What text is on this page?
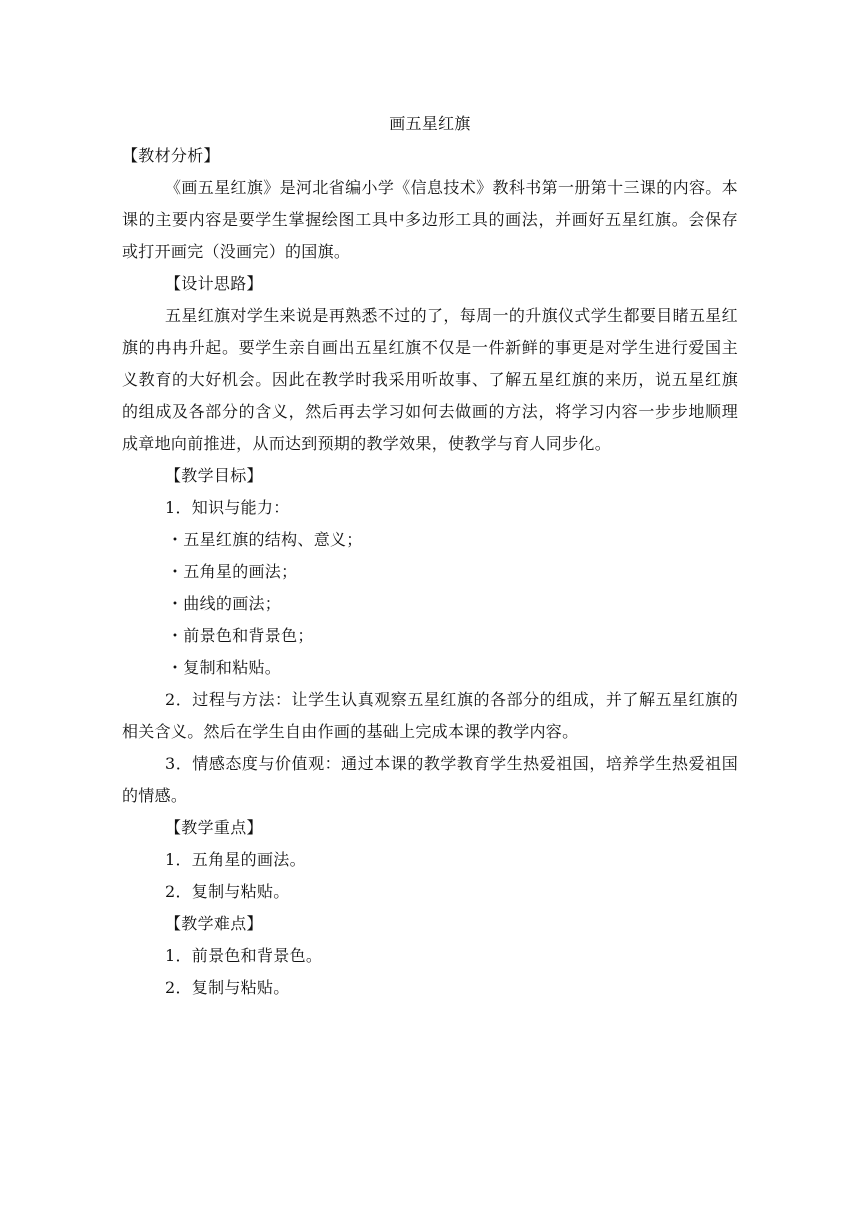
画五星红旗

【教材分析】

《画五星红旗》是河北省编小学《信息技术》教科书第一册第十三课的内容。本课的主要内容是要学生掌握绘图工具中多边形工具的画法，并画好五星红旗。会保存或打开画完（没画完）的国旗。

【设计思路】

五星红旗对学生来说是再熟悉不过的了，每周一的升旗仪式学生都要目睹五星红旗的冉冉升起。要学生亲自画出五星红旗不仅是一件新鲜的事更是对学生进行爱国主义教育的大好机会。因此在教学时我采用听故事、了解五星红旗的来历，说五星红旗的组成及各部分的含义，然后再去学习如何去做画的方法，将学习内容一步步地顺理成章地向前推进，从而达到预期的教学效果，使教学与育人同步化。

【教学目标】

1．知识与能力：

・五星红旗的结构、意义；

・五角星的画法；

・曲线的画法；

・前景色和背景色；

・复制和粘贴。

2．过程与方法：让学生认真观察五星红旗的各部分的组成，并了解五星红旗的相关含义。然后在学生自由作画的基础上完成本课的教学内容。

3．情感态度与价值观：通过本课的教学教育学生热爱祖国，培养学生热爱祖国的情感。

【教学重点】

1．五角星的画法。

2．复制与粘贴。

【教学难点】

1．前景色和背景色。

2．复制与粘贴。
